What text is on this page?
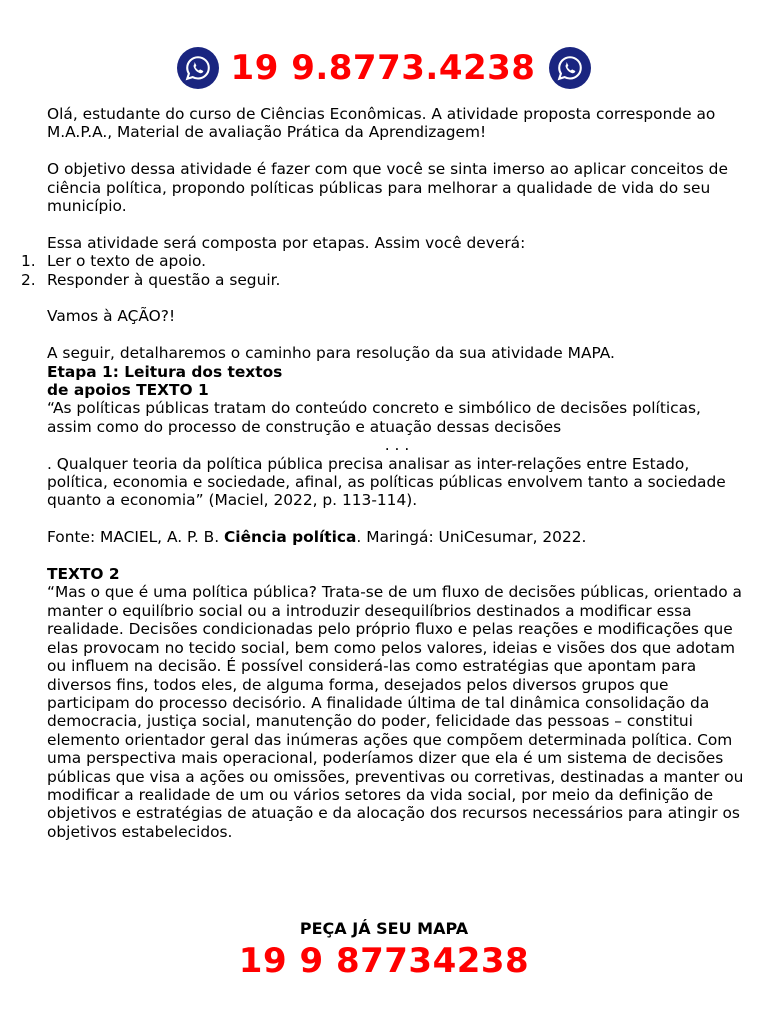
19 9.8773.4238

Olá, estudante do curso de Ciências Econômicas. A atividade proposta corresponde ao M.A.P.A., Material de avaliação Prática da Aprendizagem!

O objetivo dessa atividade é fazer com que você se sinta imerso ao aplicar conceitos de ciência política, propondo políticas públicas para melhorar a qualidade de vida do seu município.

Essa atividade será composta por etapas. Assim você deverá:

1. Ler o texto de apoio.
2. Responder à questão a seguir.

Vamos à AÇÃO?!

A seguir, detalharemos o caminho para resolução da sua atividade MAPA.

Etapa 1: Leitura dos textos

de apoios TEXTO 1

“As políticas públicas tratam do conteúdo concreto e simbólico de decisões políticas, assim como do processo de construção e atuação dessas decisões

. . .

. Qualquer teoria da política pública precisa analisar as inter-relações entre Estado, política, economia e sociedade, afinal, as políticas públicas envolvem tanto a sociedade quanto a economia” (Maciel, 2022, p. 113-114).

Fonte: MACIEL, A. P. B. Ciência política. Maringá: UniCesumar, 2022.

TEXTO 2

“Mas o que é uma política pública? Trata-se de um fluxo de decisões públicas, orientado a manter o equilíbrio social ou a introduzir desequilíbrios destinados a modificar essa realidade. Decisões condicionadas pelo próprio fluxo e pelas reações e modificações que elas provocam no tecido social, bem como pelos valores, ideias e visões dos que adotam ou influem na decisão. É possível considerá-las como estratégias que apontam para diversos fins, todos eles, de alguma forma, desejados pelos diversos grupos que participam do processo decisório. A finalidade última de tal dinâmica consolidação da democracia, justiça social, manutenção do poder, felicidade das pessoas – constitui elemento orientador geral das inúmeras ações que compõem determinada política. Com uma perspectiva mais operacional, poderíamos dizer que ela é um sistema de decisões públicas que visa a ações ou omissões, preventivas ou corretivas, destinadas a manter ou modificar a realidade de um ou vários setores da vida social, por meio da definição de objetivos e estratégias de atuação e da alocação dos recursos necessários para atingir os objetivos estabelecidos.

PEÇA JÁ SEU MAPA
19 9 87734238
